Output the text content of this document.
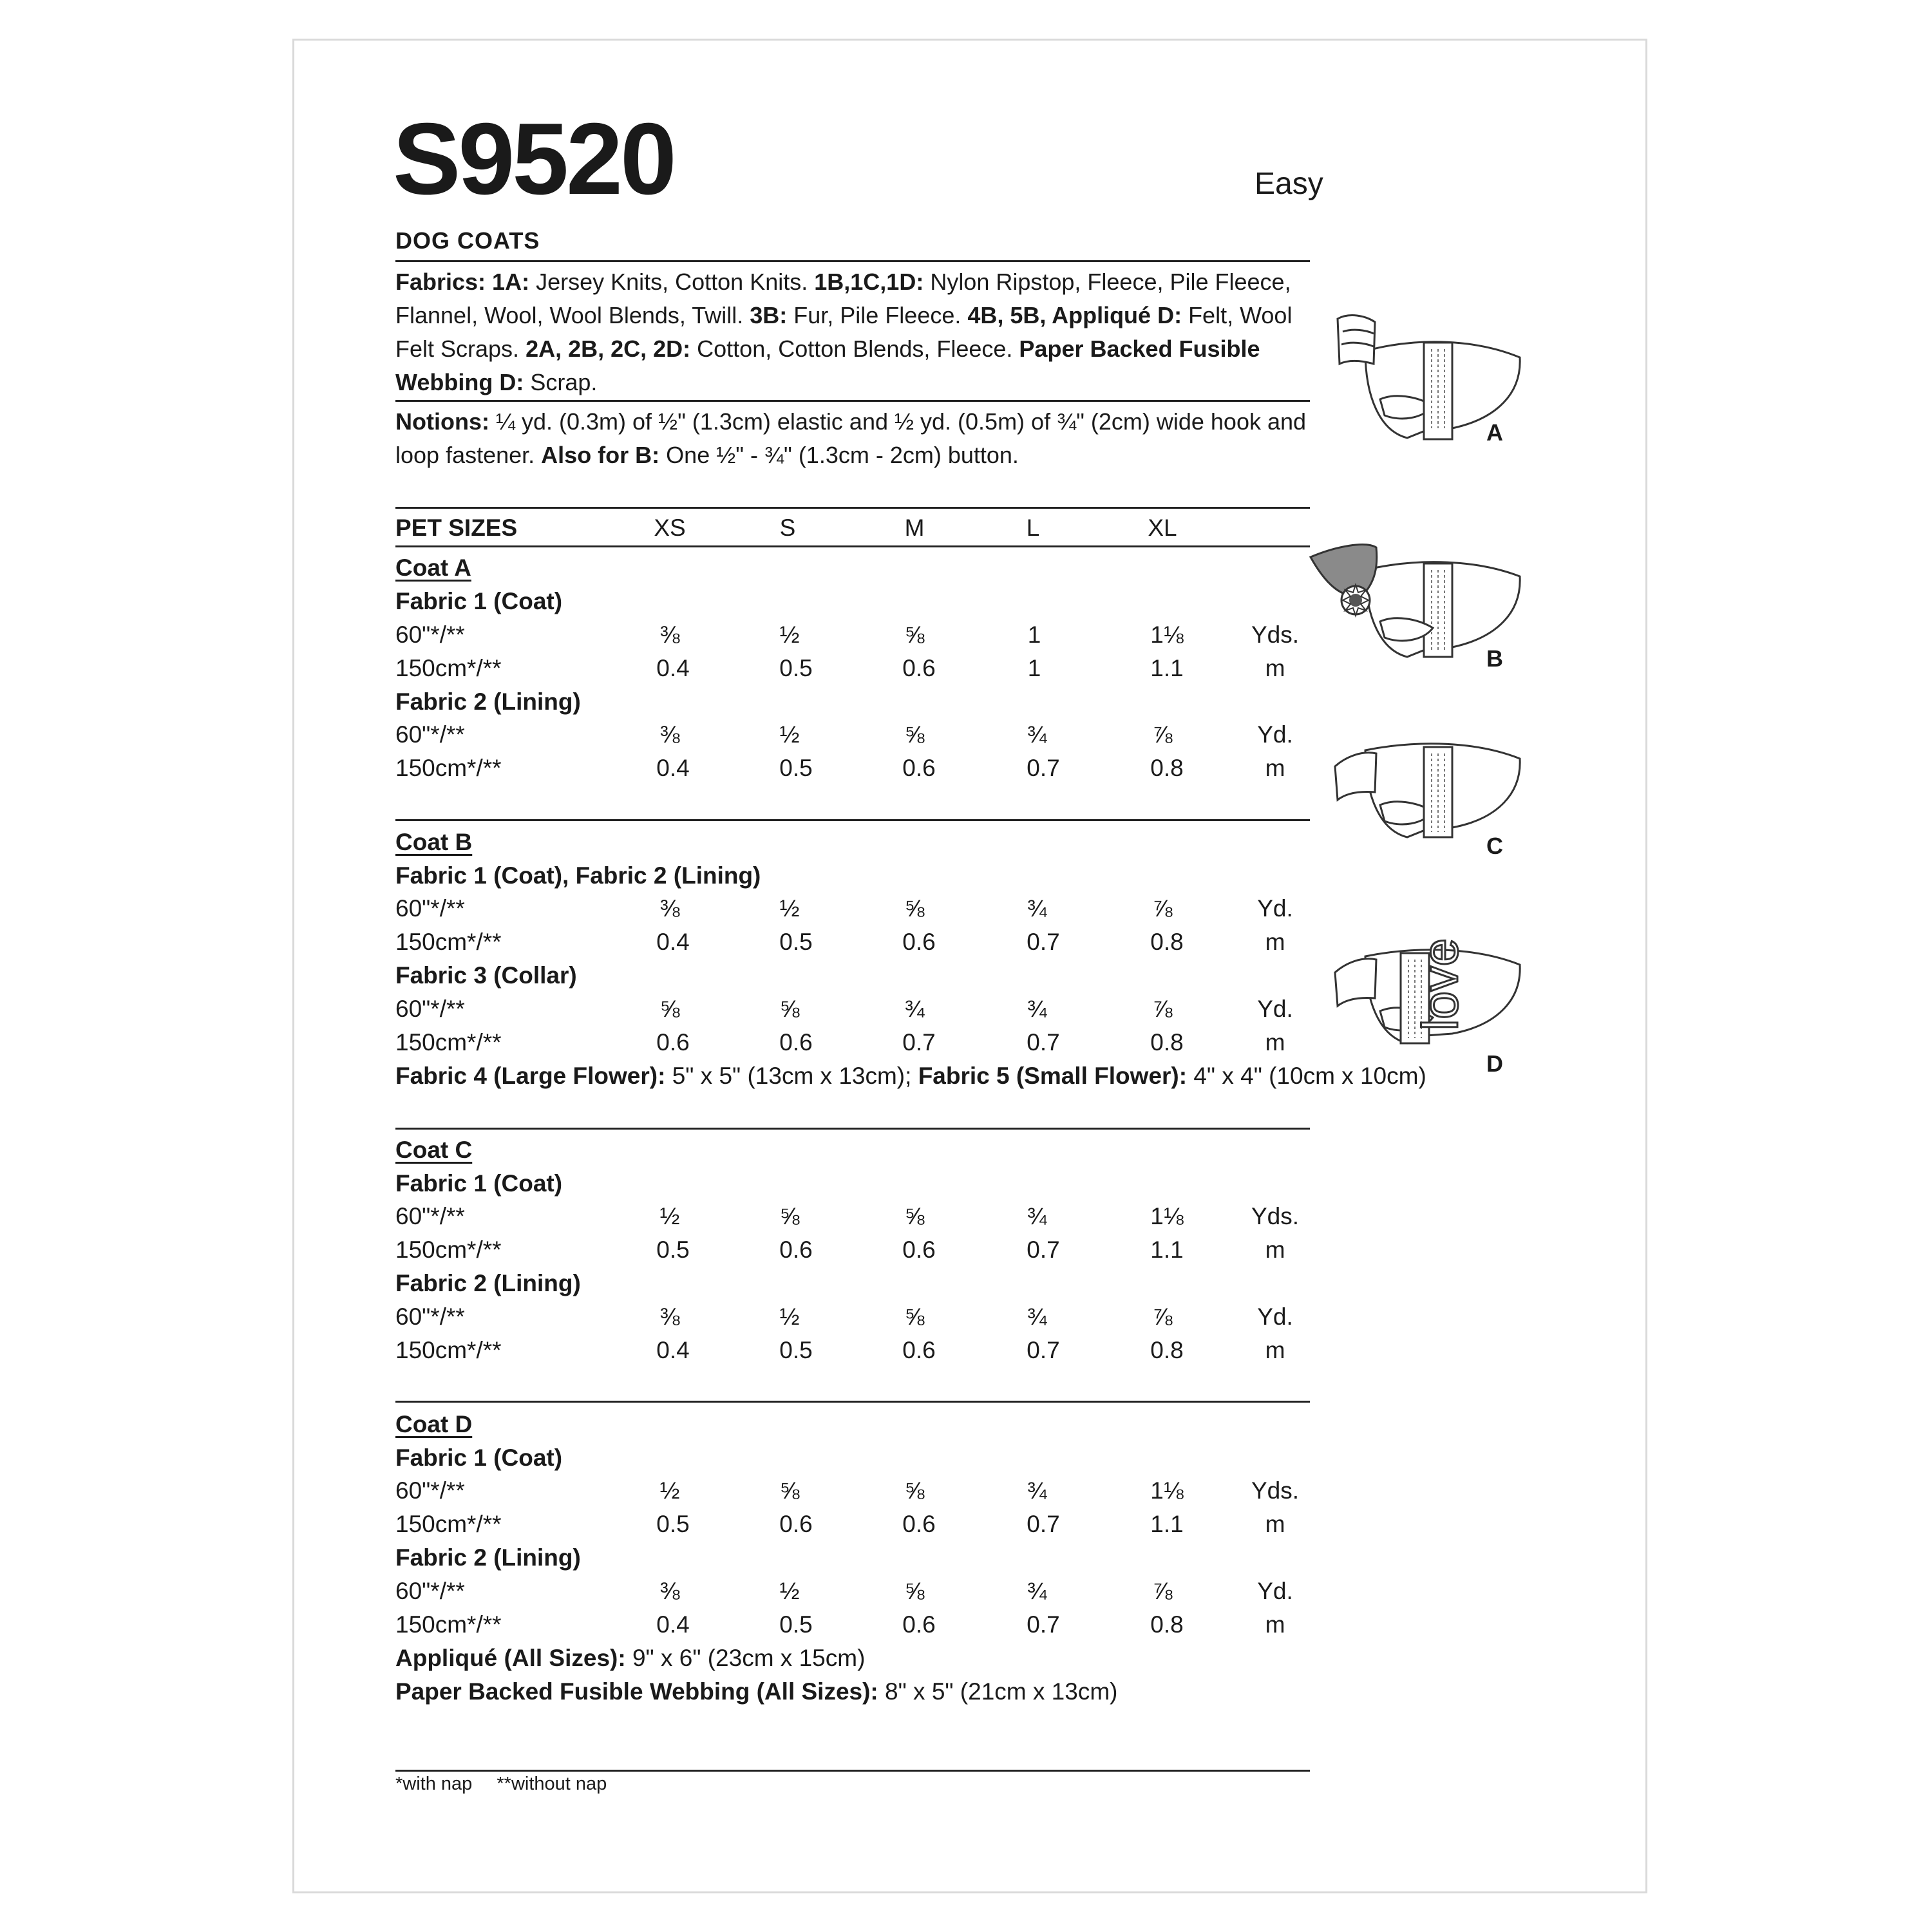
S9520	Easy
DOG COATS
Fabrics: 1A: Jersey Knits, Cotton Knits. 1B,1C,1D: Nylon Ripstop, Fleece, Pile Fleece, Flannel, Wool, Wool Blends, Twill. 3B: Fur, Pile Fleece. 4B, 5B, Appliqué D: Felt, Wool Felt Scraps. 2A, 2B, 2C, 2D: Cotton, Cotton Blends, Fleece. Paper Backed Fusible Webbing D: Scrap.
Notions: ¼ yd. (0.3m) of ½" (1.3cm) elastic and ½ yd. (0.5m) of ¾" (2cm) wide hook and loop fastener. Also for B: One ½" - ¾" (1.3cm - 2cm) button.
PET SIZES	XS	S	M	L	XL
Coat A
Fabric 1 (Coat)
60"*/**	⅜	½	⅝	1	1⅛	Yds.
150cm*/**	0.4	0.5	0.6	1	1.1	m
Fabric 2 (Lining)
60"*/**	⅜	½	⅝	¾	⅞	Yd.
150cm*/**	0.4	0.5	0.6	0.7	0.8	m
Coat B
Fabric 1 (Coat), Fabric 2 (Lining)
60"*/**	⅜	½	⅝	¾	⅞	Yd.
150cm*/**	0.4	0.5	0.6	0.7	0.8	m
Fabric 3 (Collar)
60"*/**	⅝	⅝	¾	¾	⅞	Yd.
150cm*/**	0.6	0.6	0.7	0.7	0.8	m
Fabric 4 (Large Flower): 5" x 5" (13cm x 13cm); Fabric 5 (Small Flower): 4" x 4" (10cm x 10cm)
Coat C
Fabric 1 (Coat)
60"*/**	½	⅝	⅝	¾	1⅛	Yds.
150cm*/**	0.5	0.6	0.6	0.7	1.1	m
Fabric 2 (Lining)
60"*/**	⅜	½	⅝	¾	⅞	Yd.
150cm*/**	0.4	0.5	0.6	0.7	0.8	m
Coat D
Fabric 1 (Coat)
60"*/**	½	⅝	⅝	¾	1⅛	Yds.
150cm*/**	0.5	0.6	0.6	0.7	1.1	m
Fabric 2 (Lining)
60"*/**	⅜	½	⅝	¾	⅞	Yd.
150cm*/**	0.4	0.5	0.6	0.7	0.8	m
Appliqué (All Sizes): 9" x 6" (23cm x 15cm)
Paper Backed Fusible Webbing (All Sizes): 8" x 5" (21cm x 13cm)
*with nap **without nap
A
B
C
love
D
